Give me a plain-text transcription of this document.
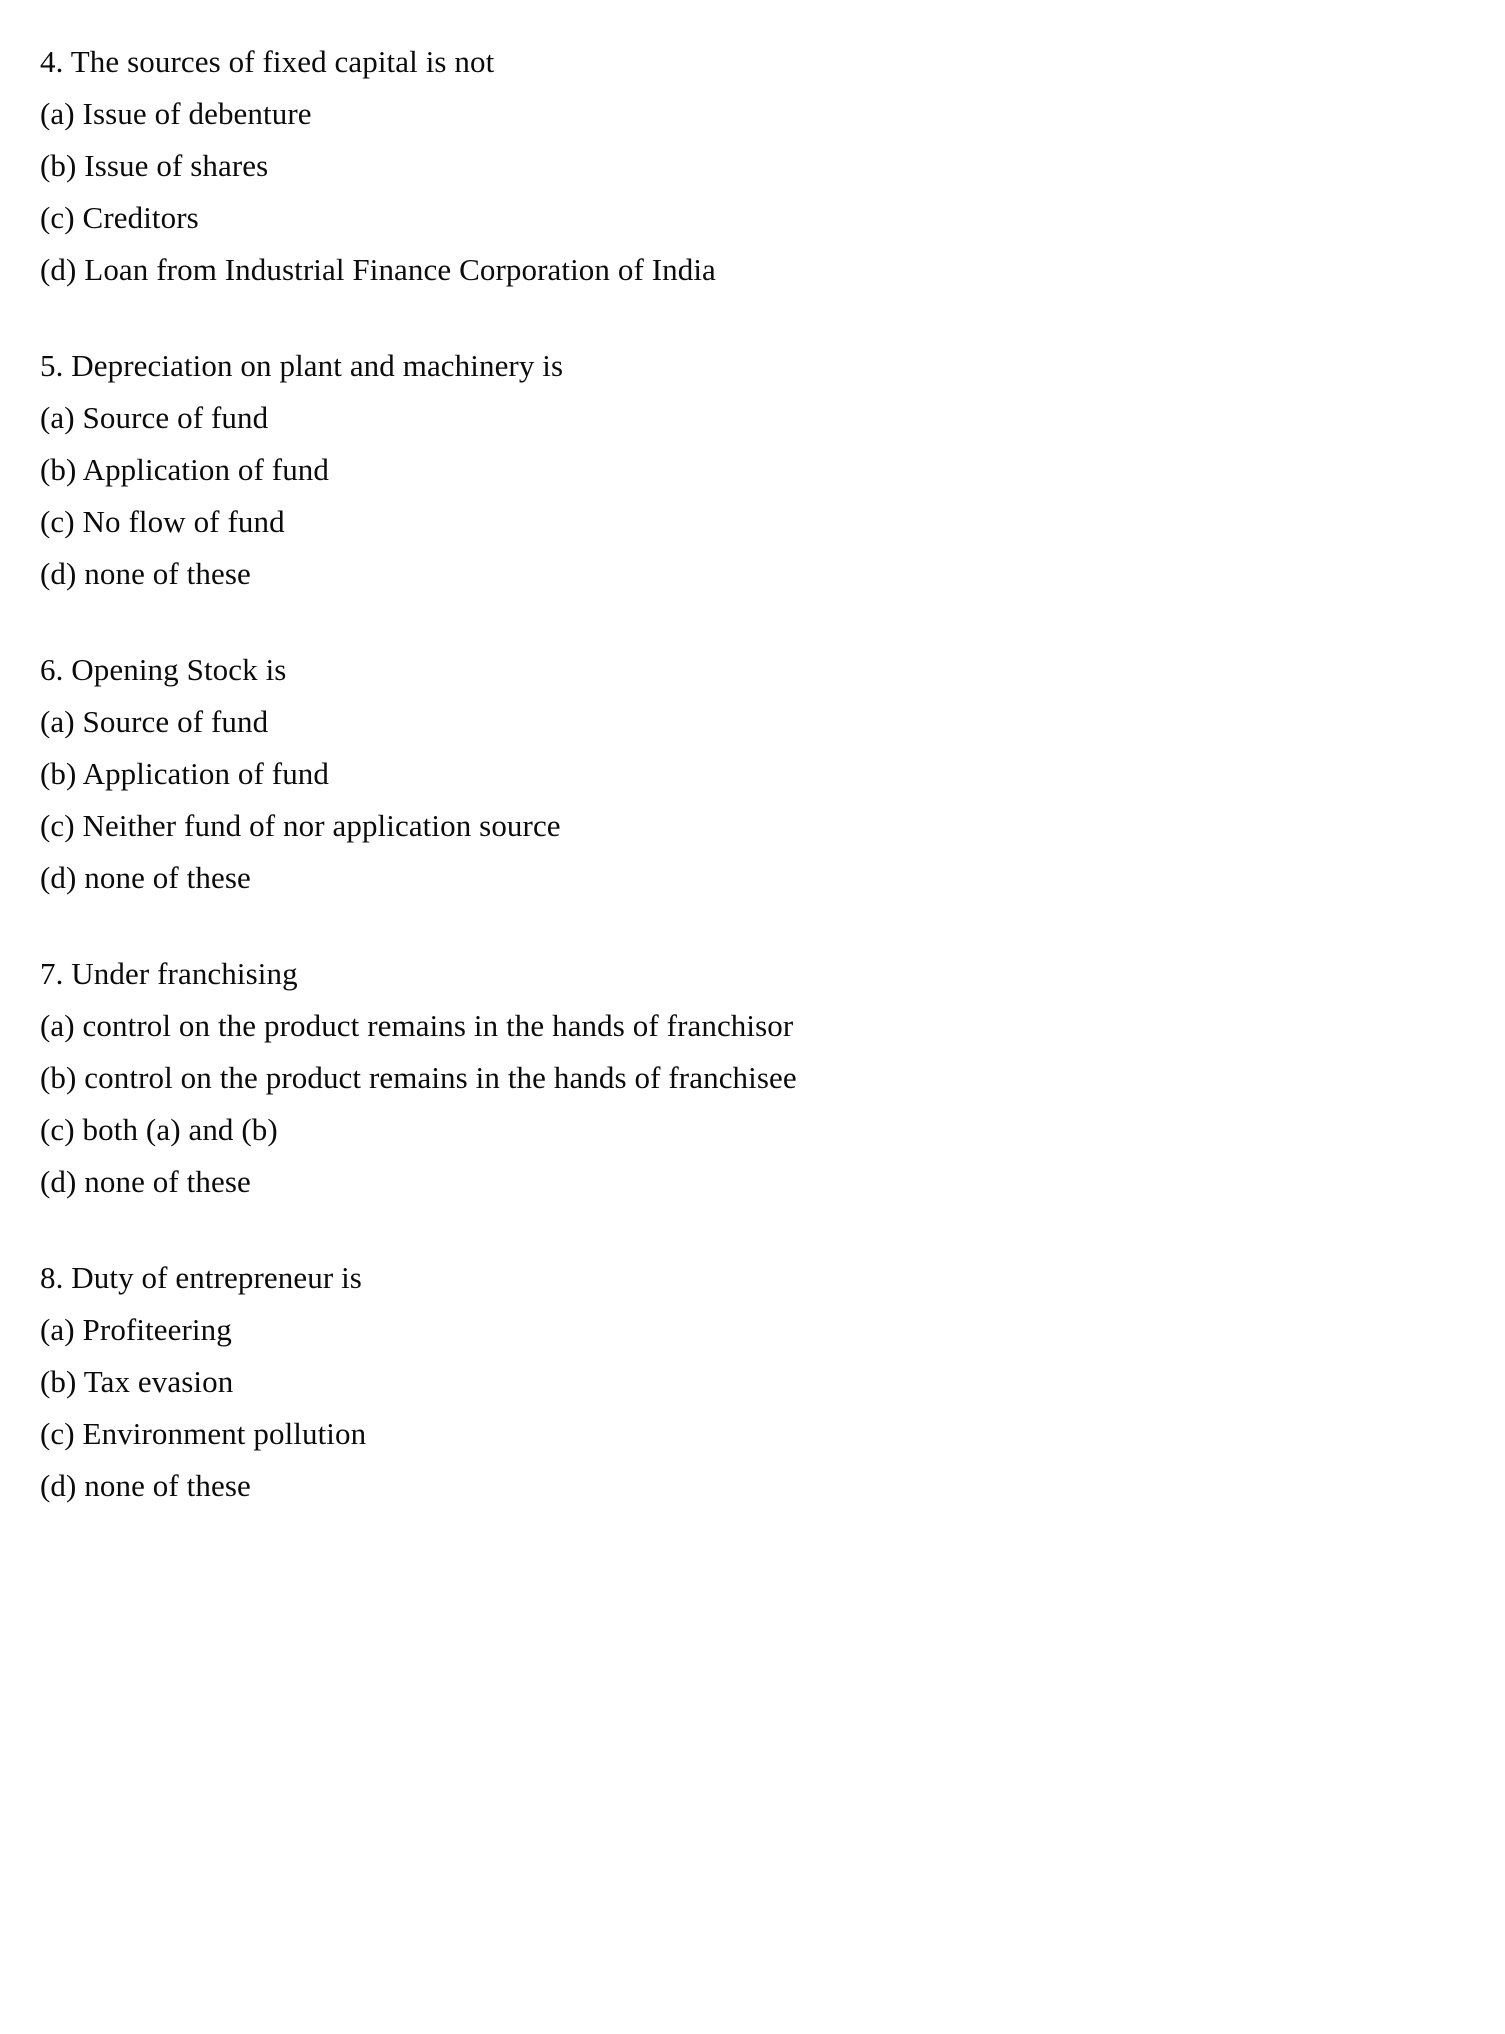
4. The sources of fixed capital is not
(a) Issue of debenture
(b) Issue of shares
(c) Creditors
(d) Loan from Industrial Finance Corporation of India
5. Depreciation on plant and machinery is
(a) Source of fund
(b) Application of fund
(c) No flow of fund
(d) none of these
6. Opening Stock is
(a) Source of fund
(b) Application of fund
(c) Neither fund of nor application source
(d) none of these
7. Under franchising
(a) control on the product remains in the hands of franchisor
(b) control on the product remains in the hands of franchisee
(c) both (a) and (b)
(d) none of these
8. Duty of entrepreneur is
(a) Profiteering
(b) Tax evasion
(c) Environment pollution
(d) none of these
